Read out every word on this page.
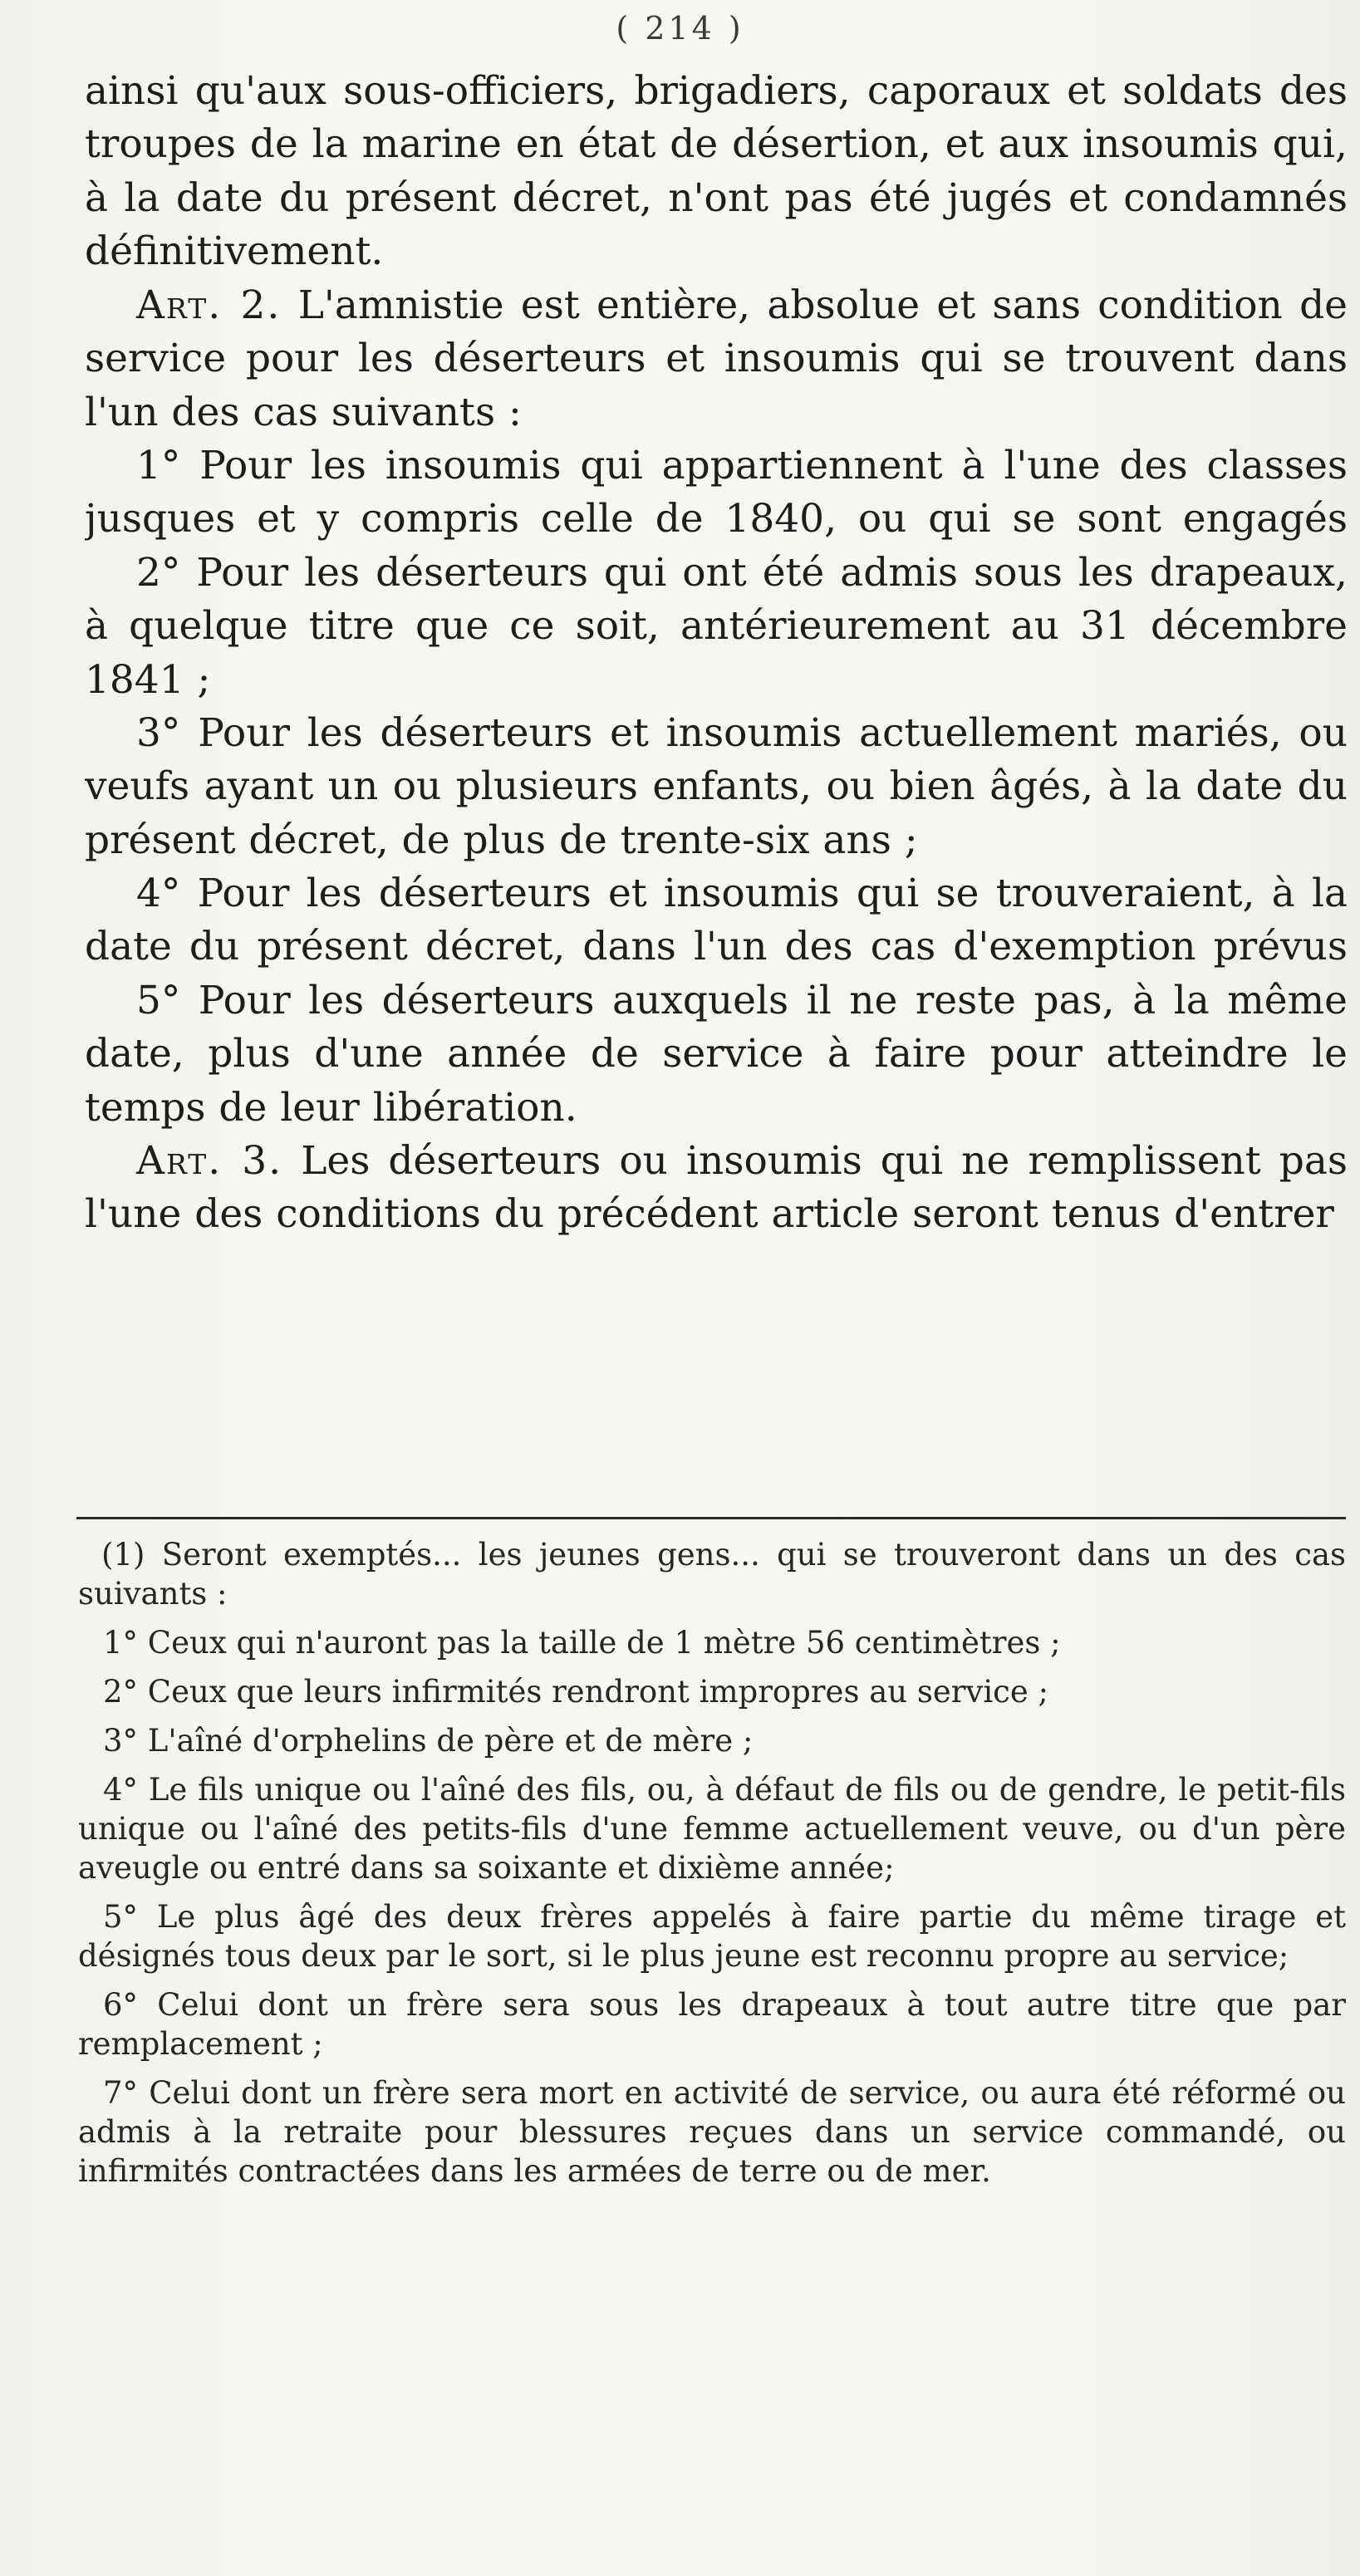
( 214 )

ainsi qu'aux sous-officiers, brigadiers, caporaux et soldats des troupes de la marine en état de désertion, et aux insoumis qui, à la date du présent décret, n'ont pas été jugés et condamnés définitivement.

Art. 2. L'amnistie est entière, absolue et sans condition de service pour les déserteurs et insoumis qui se trouvent dans l'un des cas suivants :

1° Pour les insoumis qui appartiennent à l'une des classes jusques et y compris celle de 1840, ou qui se sont engagés

2° Pour les déserteurs qui ont été admis sous les drapeaux, à quelque titre que ce soit, antérieurement au 31 décembre 1841 ;

3° Pour les déserteurs et insoumis actuellement mariés, ou veufs ayant un ou plusieurs enfants, ou bien âgés, à la date du présent décret, de plus de trente-six ans ;

4° Pour les déserteurs et insoumis qui se trouveraient, à la date du présent décret, dans l'un des cas d'exemption prévus

5° Pour les déserteurs auxquels il ne reste pas, à la même date, plus d'une année de service à faire pour atteindre le temps de leur libération.

Art. 3. Les déserteurs ou insoumis qui ne remplissent pas l'une des conditions du précédent article seront tenus d'entrer

(1) Seront exemptés... les jeunes gens... qui se trouveront dans un des cas suivants :

1° Ceux qui n'auront pas la taille de 1 mètre 56 centimètres ;

2° Ceux que leurs infirmités rendront impropres au service ;

3° L'aîné d'orphelins de père et de mère ;

4° Le fils unique ou l'aîné des fils, ou, à défaut de fils ou de gendre, le petit-fils unique ou l'aîné des petits-fils d'une femme actuellement veuve, ou d'un père aveugle ou entré dans sa soixante et dixième année;

5° Le plus âgé des deux frères appelés à faire partie du même tirage et désignés tous deux par le sort, si le plus jeune est reconnu propre au service;

6° Celui dont un frère sera sous les drapeaux à tout autre titre que par remplacement ;

7° Celui dont un frère sera mort en activité de service, ou aura été réformé ou admis à la retraite pour blessures reçues dans un service commandé, ou infirmités contractées dans les armées de terre ou de mer.
